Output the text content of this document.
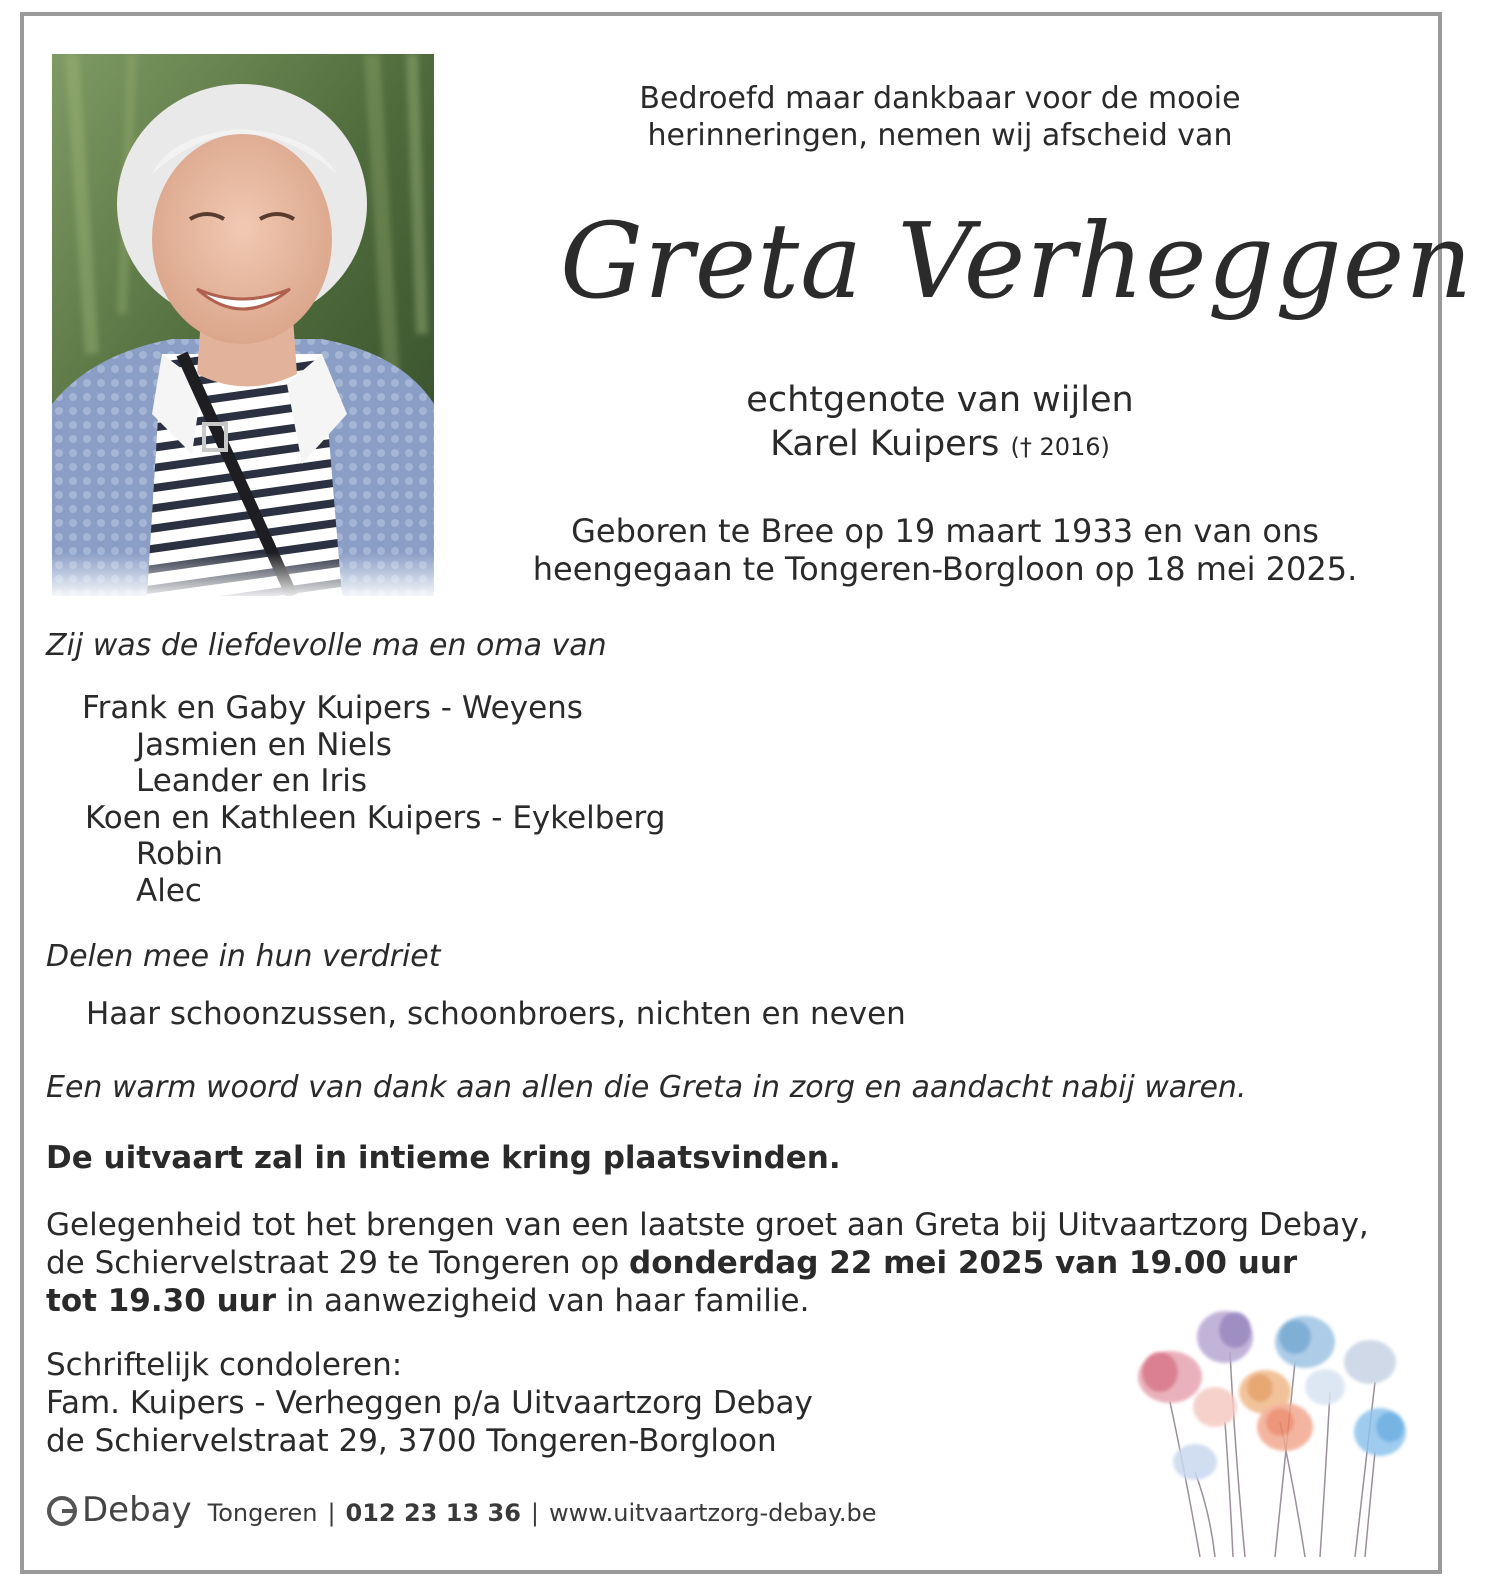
Bedroefd maar dankbaar voor de mooie
herinneringen, nemen wij afscheid van
Greta Verheggen
echtgenote van wijlen
Karel Kuipers († 2016)
Geboren te Bree op 19 maart 1933 en van ons
heengegaan te Tongeren-Borgloon op 18 mei 2025.
Zij was de liefdevolle ma en oma van
Frank en Gaby Kuipers - Weyens
Jasmien en Niels
Leander en Iris
Koen en Kathleen Kuipers - Eykelberg
Robin
Alec
Delen mee in hun verdriet
Haar schoonzussen, schoonbroers, nichten en neven
Een warm woord van dank aan allen die Greta in zorg en aandacht nabij waren.
De uitvaart zal in intieme kring plaatsvinden.
Gelegenheid tot het brengen van een laatste groet aan Greta bij Uitvaartzorg Debay,
de Schiervelstraat 29 te Tongeren op donderdag 22 mei 2025 van 19.00 uur
tot 19.30 uur in aanwezigheid van haar familie.
Schriftelijk condoleren:
Fam. Kuipers - Verheggen p/a Uitvaartzorg Debay
de Schiervelstraat 29, 3700 Tongeren-Borgloon
Debay Tongeren | 012 23 13 36 | www.uitvaartzorg-debay.be
